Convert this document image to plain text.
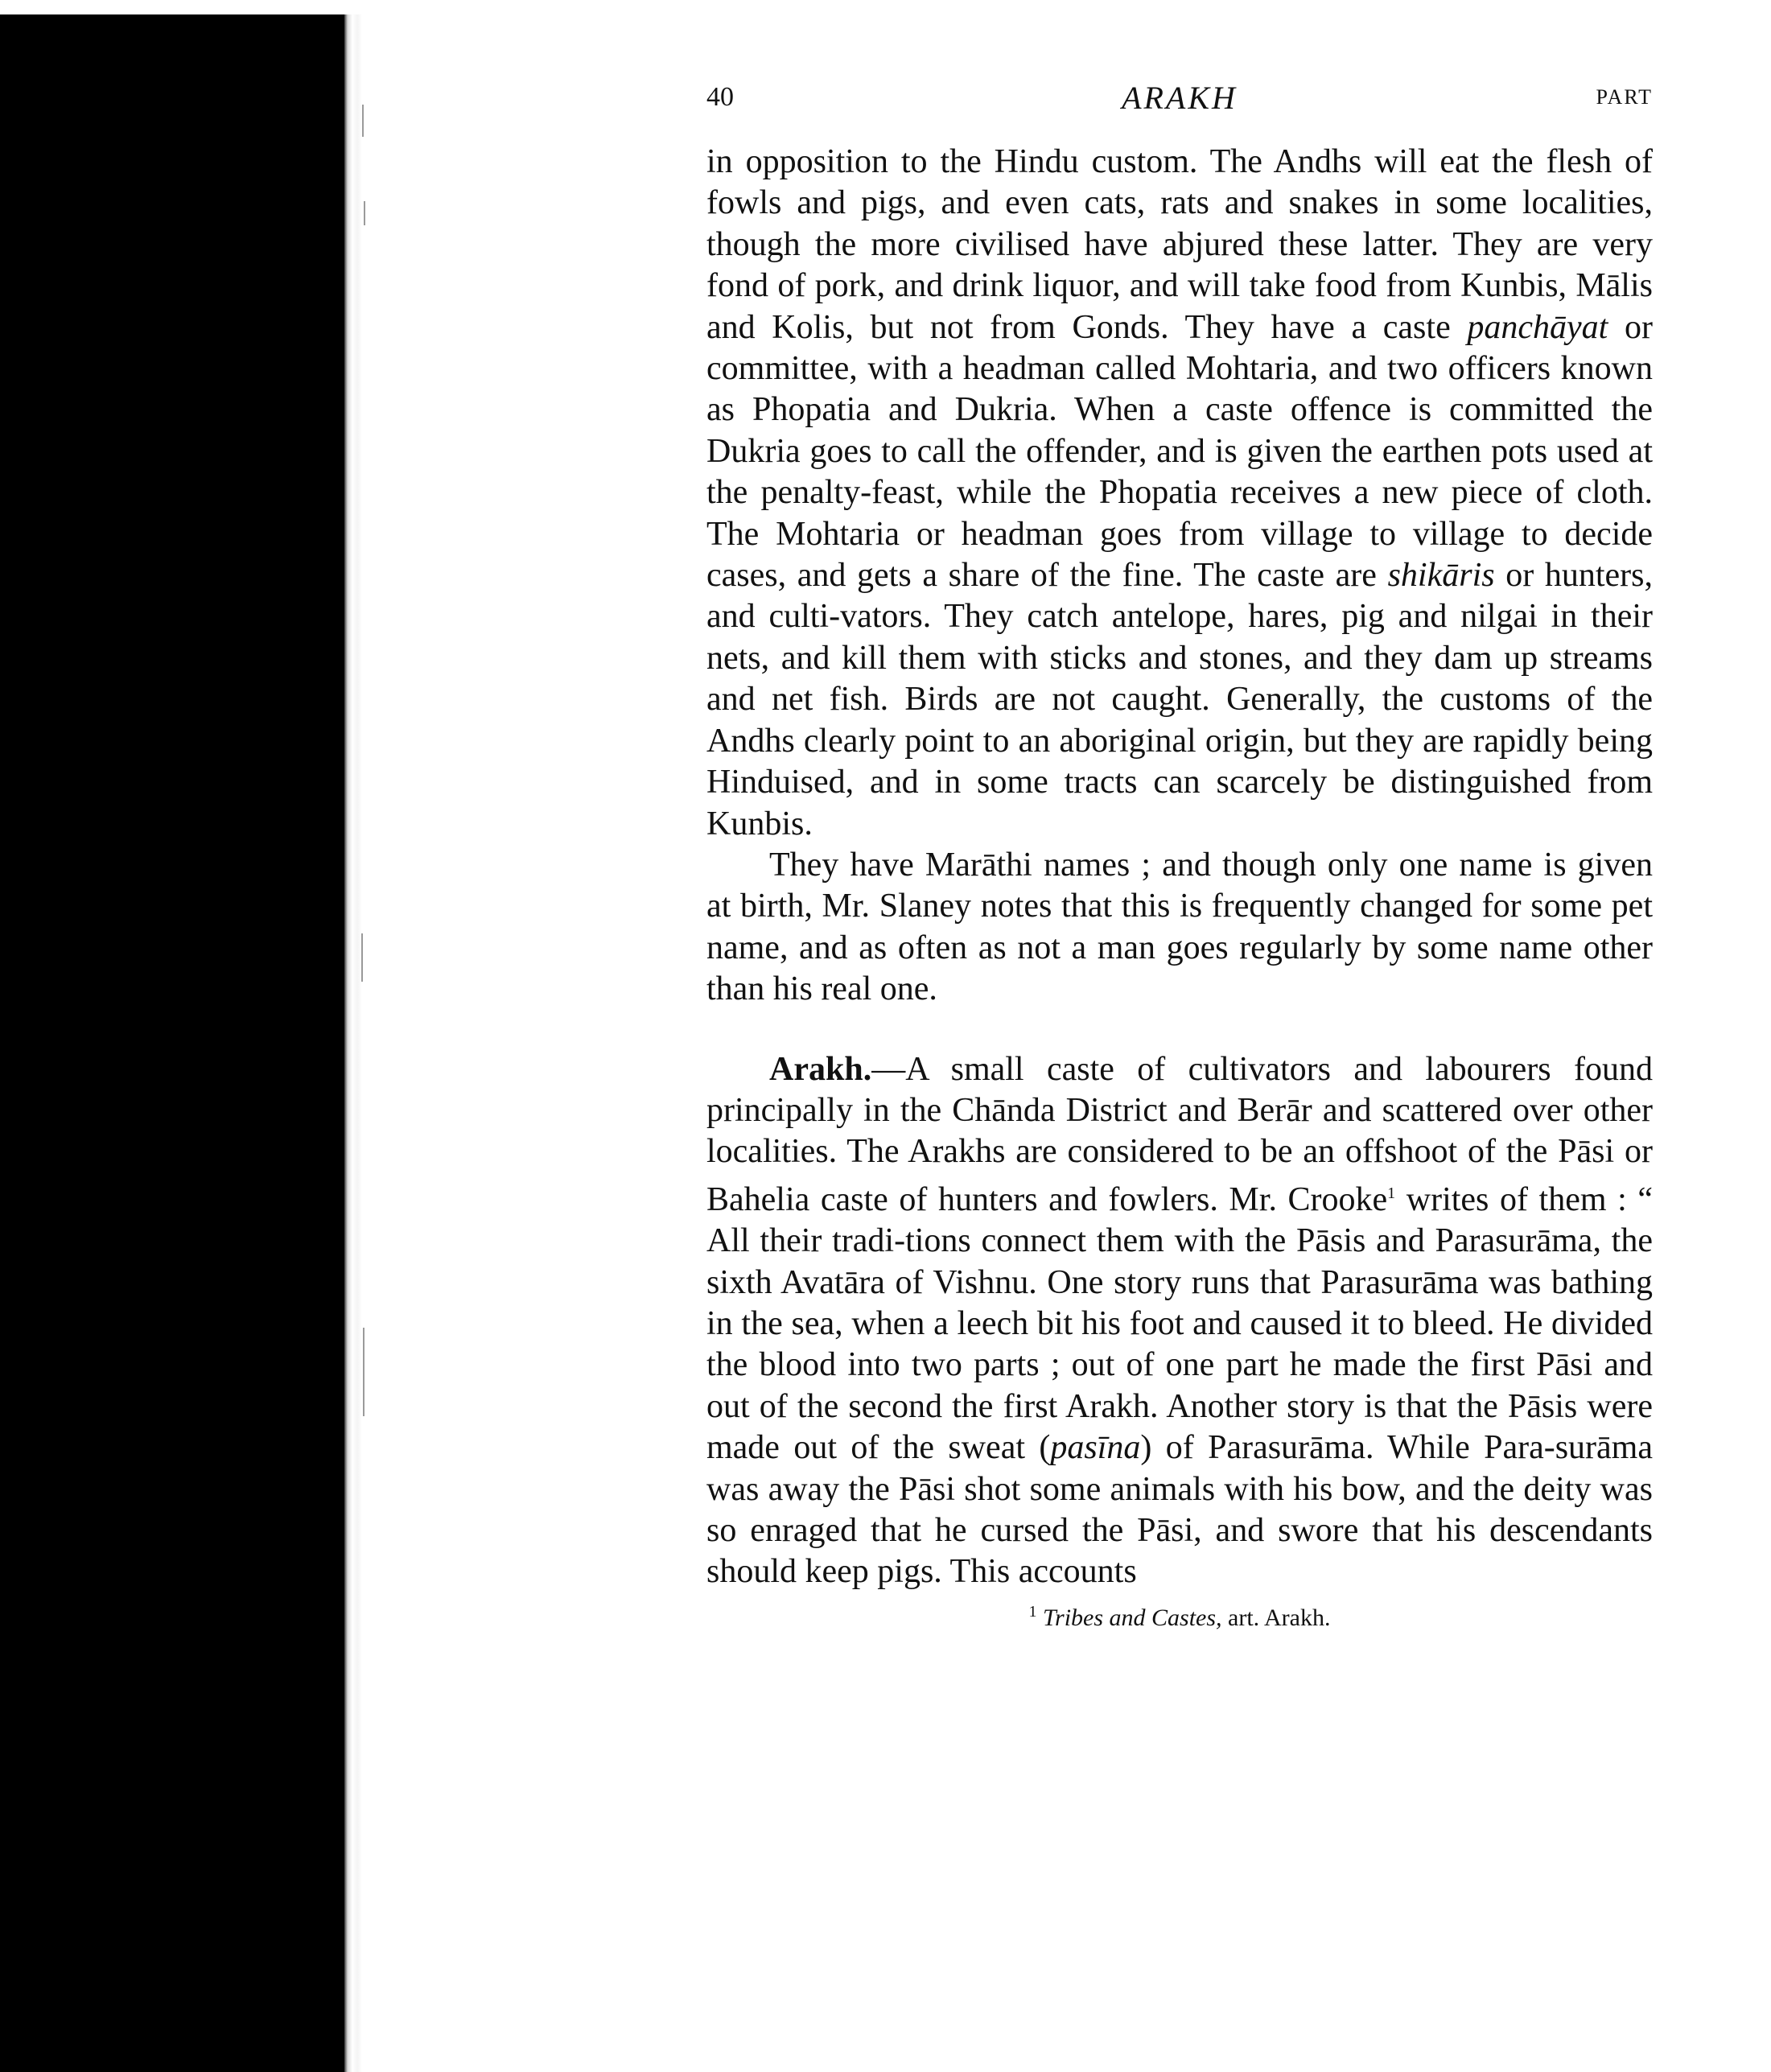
40	ARAKH	PART

in opposition to the Hindu custom. The Andhs will eat the flesh of fowls and pigs, and even cats, rats and snakes in some localities, though the more civilised have abjured these latter. They are very fond of pork, and drink liquor, and will take food from Kunbis, Mālis and Kolis, but not from Gonds. They have a caste panchāyat or committee, with a headman called Mohtaria, and two officers known as Phopatia and Dukria. When a caste offence is committed the Dukria goes to call the offender, and is given the earthen pots used at the penalty-feast, while the Phopatia receives a new piece of cloth. The Mohtaria or headman goes from village to village to decide cases, and gets a share of the fine. The caste are shikāris or hunters, and culti-vators. They catch antelope, hares, pig and nilgai in their nets, and kill them with sticks and stones, and they dam up streams and net fish. Birds are not caught. Generally, the customs of the Andhs clearly point to an aboriginal origin, but they are rapidly being Hinduised, and in some tracts can scarcely be distinguished from Kunbis.

They have Marāthi names ; and though only one name is given at birth, Mr. Slaney notes that this is frequently changed for some pet name, and as often as not a man goes regularly by some name other than his real one.

Arakh.—A small caste of cultivators and labourers found principally in the Chānda District and Berār and scattered over other localities. The Arakhs are considered to be an offshoot of the Pāsi or Bahelia caste of hunters and fowlers. Mr. Crooke$^1$ writes of them : “ All their tradi-tions connect them with the Pāsis and Parasurāma, the sixth Avatāra of Vishnu. One story runs that Parasurāma was bathing in the sea, when a leech bit his foot and caused it to bleed. He divided the blood into two parts ; out of one part he made the first Pāsi and out of the second the first Arakh. Another story is that the Pāsis were made out of the sweat (pasīna) of Parasurāma. While Para-surāma was away the Pāsi shot some animals with his bow, and the deity was so enraged that he cursed the Pāsi, and swore that his descendants should keep pigs. This accounts

$^1$ Tribes and Castes, art. Arakh.
